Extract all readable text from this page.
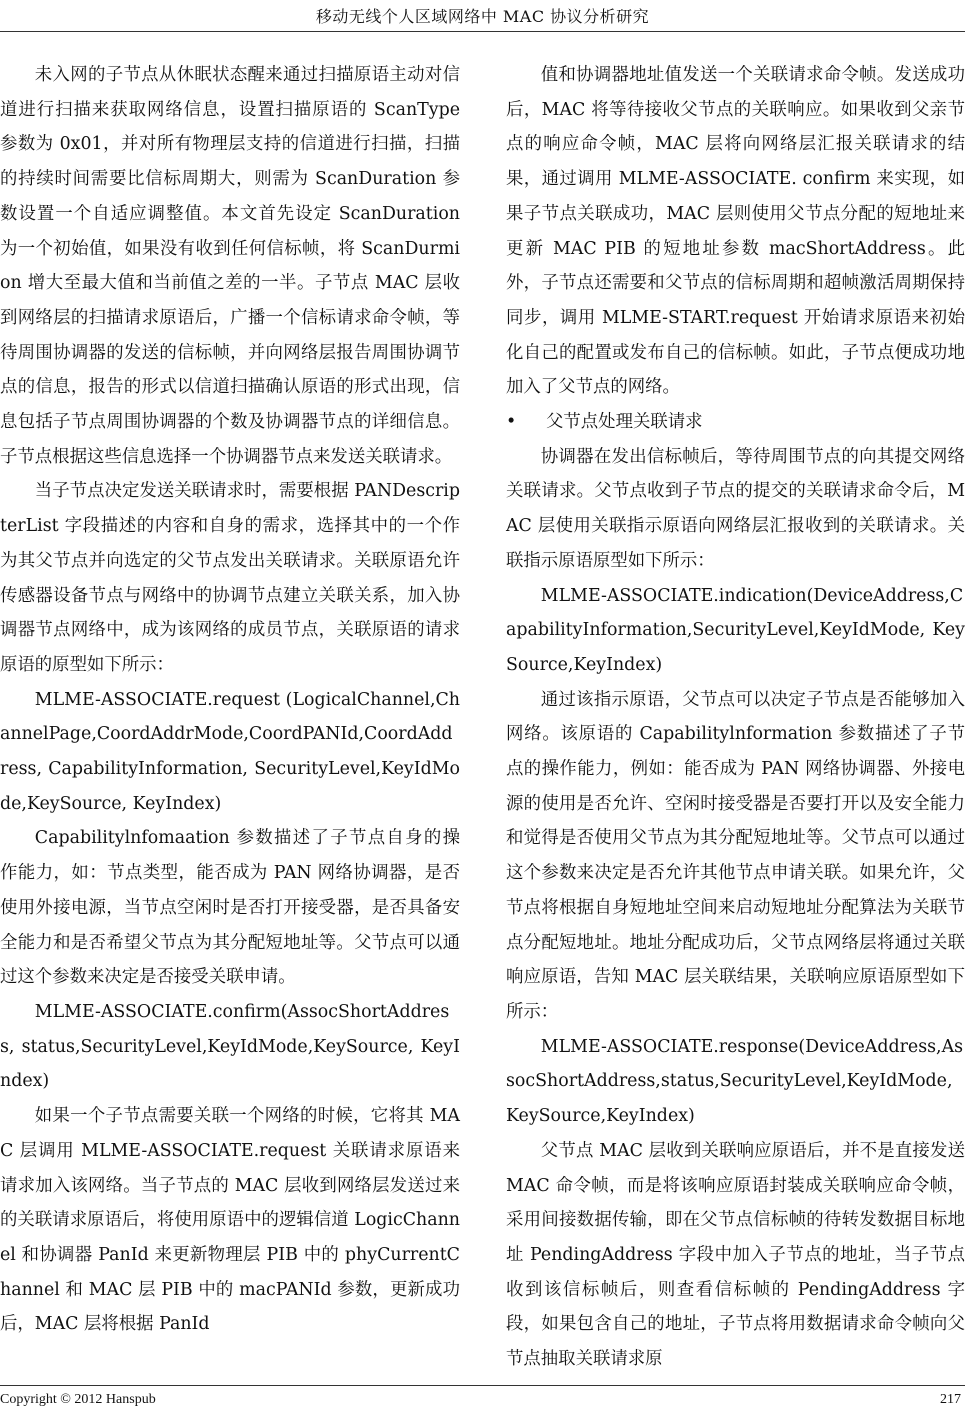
移动无线个人区域网络中 MAC 协议分析研究

未入网的子节点从休眠状态醒来通过扫描原语主动对信道进行扫描来获取网络信息，设置扫描原语的 ScanType 参数为 0x01，并对所有物理层支持的信道进行扫描，扫描的持续时间需要比信标周期大，则需为 ScanDuration 参数设置一个自适应调整值。本文首先设定 ScanDuration 为一个初始值，如果没有收到任何信标帧，将 ScanDurmion 增大至最大值和当前值之差的一半。子节点 MAC 层收到网络层的扫描请求原语后，广播一个信标请求命令帧，等待周围协调器的发送的信标帧，并向网络层报告周围协调节点的信息，报告的形式以信道扫描确认原语的形式出现，信息包括子节点周围协调器的个数及协调器节点的详细信息。子节点根据这些信息选择一个协调器节点来发送关联请求。

当子节点决定发送关联请求时，需要根据 PANDescripterList 字段描述的内容和自身的需求，选择其中的一个作为其父节点并向选定的父节点发出关联请求。关联原语允许传感器设备节点与网络中的协调节点建立关联关系，加入协调器节点网络中，成为该网络的成员节点，关联原语的请求原语的原型如下所示：

MLME-ASSOCIATE.request (LogicalChannel,ChannelPage,CoordAddrMode,CoordPANId,CoordAddress, CapabilityInformation, SecurityLevel,KeyIdMode,KeySource, KeyIndex)

Capabilitylnfomaation 参数描述了子节点自身的操作能力，如：节点类型，能否成为 PAN 网络协调器，是否使用外接电源，当节点空闲时是否打开接受器，是否具备安全能力和是否希望父节点为其分配短地址等。父节点可以通过这个参数来决定是否接受关联申请。

MLME-ASSOCIATE.confirm(AssocShortAddress, status,SecurityLevel,KeyIdMode,KeySource, KeyIndex)

如果一个子节点需要关联一个网络的时候，它将其 MAC 层调用 MLME-ASSOCIATE.request 关联请求原语来请求加入该网络。当子节点的 MAC 层收到网络层发送过来的关联请求原语后，将使用原语中的逻辑信道 LogicChannel 和协调器 PanId 来更新物理层 PIB 中的 phyCurrentChannel 和 MAC 层 PIB 中的 macPANId 参数，更新成功后，MAC 层将根据 PanId

值和协调器地址值发送一个关联请求命令帧。发送成功后，MAC 将等待接收父节点的关联响应。如果收到父亲节点的响应命令帧，MAC 层将向网络层汇报关联请求的结果，通过调用 MLME-ASSOCIATE. confirm 来实现，如果子节点关联成功，MAC 层则使用父节点分配的短地址来更新 MAC PIB 的短地址参数 macShortAddress。此外，子节点还需要和父节点的信标周期和超帧激活周期保持同步，调用 MLME-START.request 开始请求原语来初始化自己的配置或发布自己的信标帧。如此，子节点便成功地加入了父节点的网络。

• 父节点处理关联请求

协调器在发出信标帧后，等待周围节点的向其提交网络关联请求。父节点收到子节点的提交的关联请求命令后，MAC 层使用关联指示原语向网络层汇报收到的关联请求。关联指示原语原型如下所示：

MLME-ASSOCIATE.indication(DeviceAddress,CapabilityInformation,SecurityLevel,KeyIdMode, KeySource,KeyIndex)

通过该指示原语，父节点可以决定子节点是否能够加入网络。该原语的 Capabilitylnformation 参数描述了子节点的操作能力，例如：能否成为 PAN 网络协调器、外接电源的使用是否允许、空闲时接受器是否要打开以及安全能力和觉得是否使用父节点为其分配短地址等。父节点可以通过这个参数来决定是否允许其他节点申请关联。如果允许，父节点将根据自身短地址空间来启动短地址分配算法为关联节点分配短地址。地址分配成功后，父节点网络层将通过关联响应原语，告知 MAC 层关联结果，关联响应原语原型如下所示：

MLME-ASSOCIATE.response(DeviceAddress,AssocShortAddress,status,SecurityLevel,KeyIdMode, KeySource,KeyIndex)

父节点 MAC 层收到关联响应原语后，并不是直接发送 MAC 命令帧，而是将该响应原语封装成关联响应命令帧，采用间接数据传输，即在父节点信标帧的待转发数据目标地址 PendingAddress 字段中加入子节点的地址，当子节点收到该信标帧后，则查看信标帧的 PendingAddress 字段，如果包含自己的地址，子节点将用数据请求命令帧向父节点抽取关联请求原

Copyright © 2012 Hanspub	217
